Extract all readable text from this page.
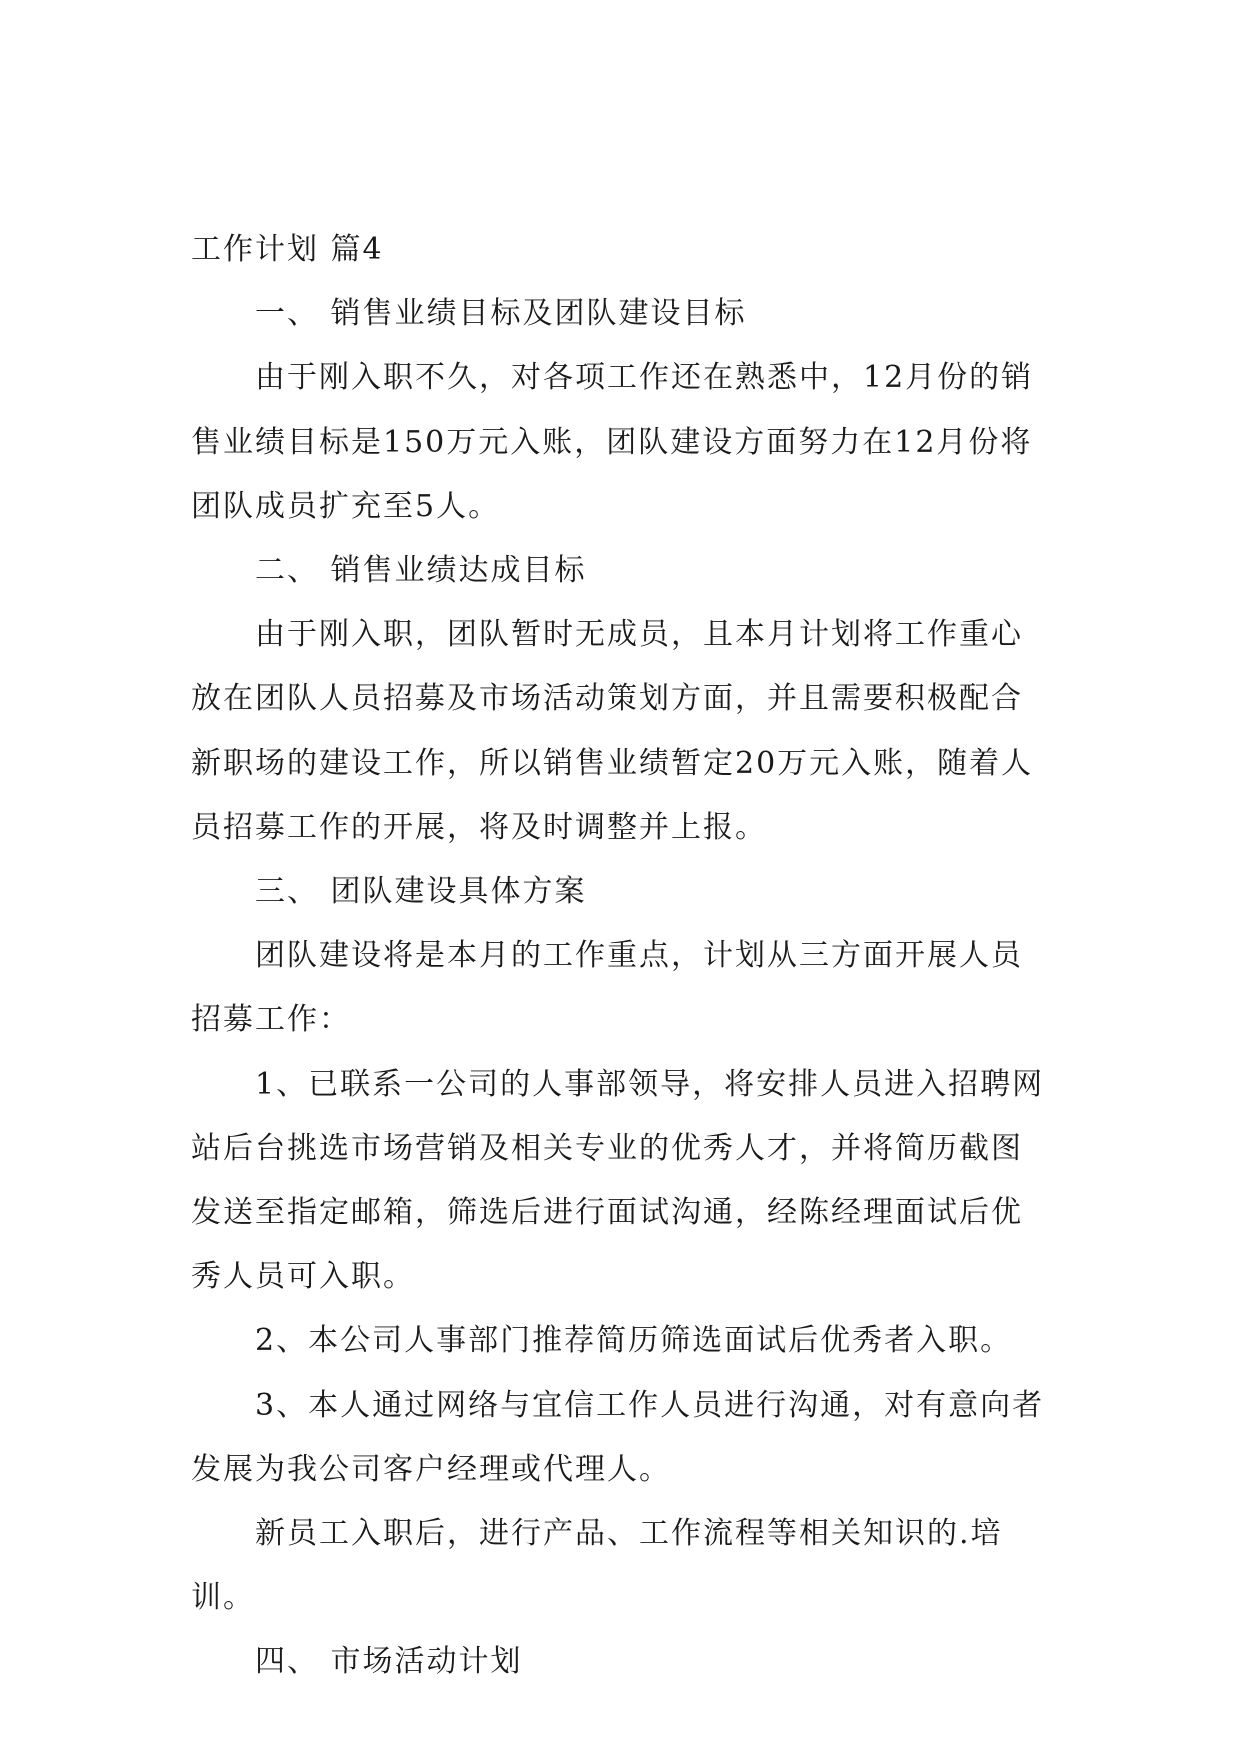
工作计划 篇4

一、 销售业绩目标及团队建设目标

由于刚入职不久，对各项工作还在熟悉中，12月份的销售业绩目标是150万元入账，团队建设方面努力在12月份将团队成员扩充至5人。

二、 销售业绩达成目标

由于刚入职，团队暂时无成员，且本月计划将工作重心放在团队人员招募及市场活动策划方面，并且需要积极配合新职场的建设工作，所以销售业绩暂定20万元入账，随着人员招募工作的开展，将及时调整并上报。

三、 团队建设具体方案

团队建设将是本月的工作重点，计划从三方面开展人员招募工作：

1、已联系一公司的人事部领导，将安排人员进入招聘网站后台挑选市场营销及相关专业的优秀人才，并将简历截图发送至指定邮箱，筛选后进行面试沟通，经陈经理面试后优秀人员可入职。

2、本公司人事部门推荐简历筛选面试后优秀者入职。

3、本人通过网络与宜信工作人员进行沟通，对有意向者发展为我公司客户经理或代理人。

新员工入职后，进行产品、工作流程等相关知识的.培训。

四、 市场活动计划
